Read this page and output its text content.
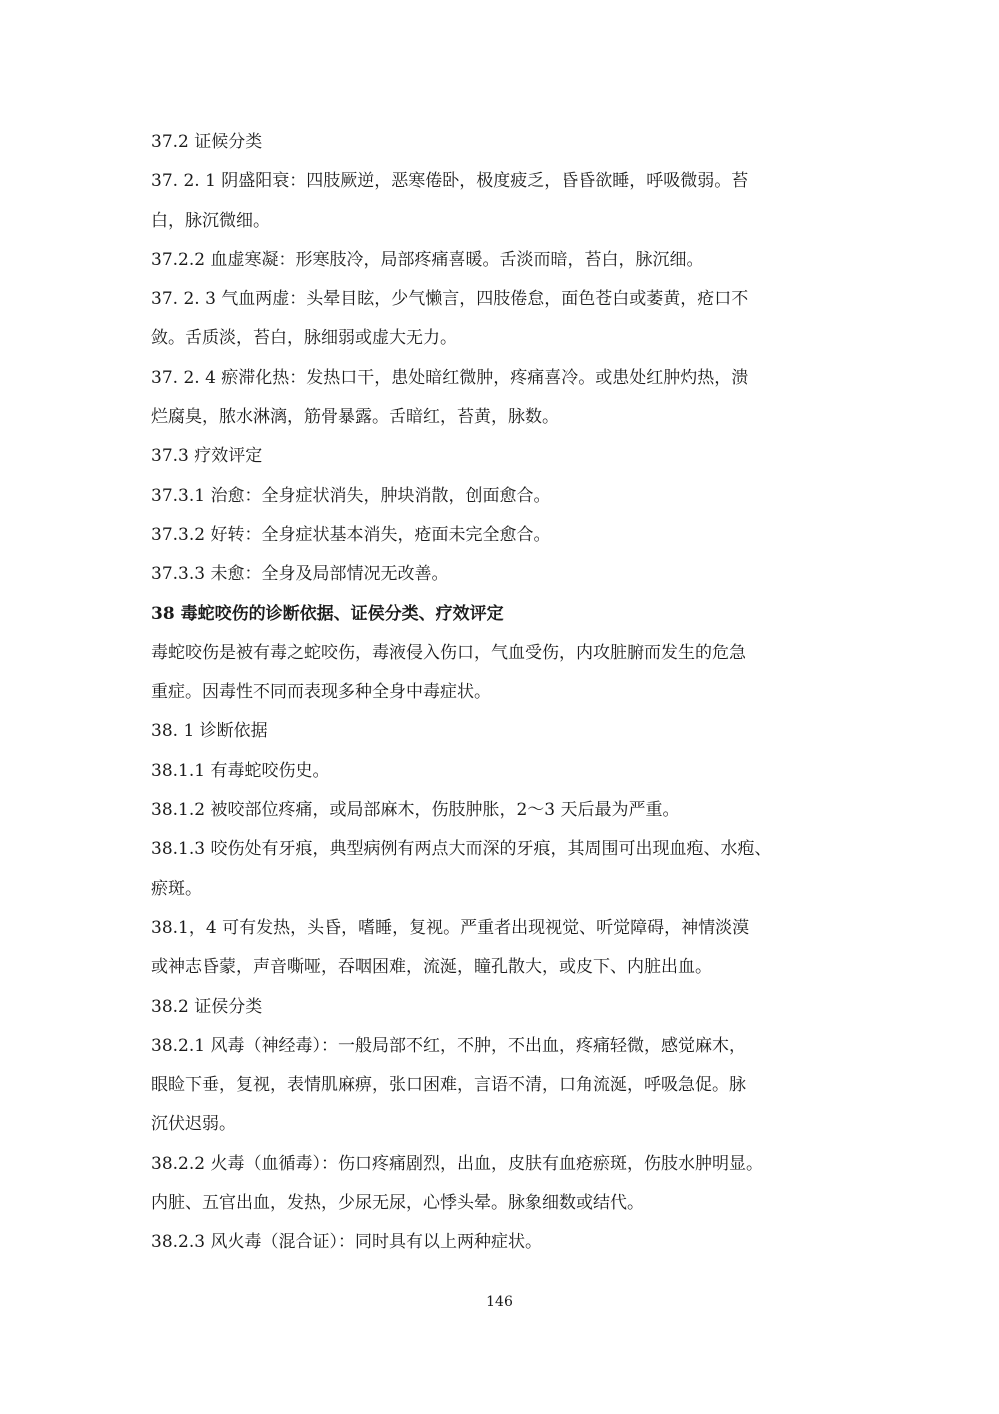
37.2 证候分类
37. 2. 1 阴盛阳衰：四肢厥逆，恶寒倦卧，极度疲乏，昏昏欲睡，呼吸微弱。苔
白，脉沉微细。
37.2.2 血虚寒凝：形寒肢冷，局部疼痛喜暖。舌淡而暗，苔白，脉沉细。
37. 2. 3 气血两虚：头晕目眩，少气懒言，四肢倦怠，面色苍白或萎黄，疮口不
敛。舌质淡，苔白，脉细弱或虚大无力。
37. 2. 4 瘀滞化热：发热口干，患处暗红微肿，疼痛喜冷。或患处红肿灼热，溃
烂腐臭，脓水淋漓，筋骨暴露。舌暗红，苔黄，脉数。
37.3 疗效评定
37.3.1 治愈：全身症状消失，肿块消散，创面愈合。
37.3.2 好转：全身症状基本消失，疮面未完全愈合。
37.3.3 未愈：全身及局部情况无改善。
38 毒蛇咬伤的诊断依据、证侯分类、疗效评定
毒蛇咬伤是被有毒之蛇咬伤，毒液侵入伤口，气血受伤，内攻脏腑而发生的危急
重症。因毒性不同而表现多种全身中毒症状。
38. 1 诊断依据
38.1.1 有毒蛇咬伤史。
38.1.2 被咬部位疼痛，或局部麻木，伤肢肿胀，2～3 天后最为严重。
38.1.3 咬伤处有牙痕，典型病例有两点大而深的牙痕，其周围可出现血疱、水疱、
瘀斑。
38.1，4 可有发热，头昏，嗜睡，复视。严重者出现视觉、听觉障碍，神情淡漠
或神志昏蒙，声音嘶哑，吞咽困难，流涎，瞳孔散大，或皮下、内脏出血。
38.2 证侯分类
38.2.1 风毒（神经毒）：一般局部不红，不肿，不出血，疼痛轻微，感觉麻木，
眼睑下垂，复视，表情肌麻痹，张口困难，言语不清，口角流涎，呼吸急促。脉
沉伏迟弱。
38.2.2 火毒（血循毒）：伤口疼痛剧烈，出血，皮肤有血疮瘀斑，伤肢水肿明显。
内脏、五官出血，发热，少尿无尿，心悸头晕。脉象细数或结代。
38.2.3 风火毒（混合证）：同时具有以上两种症状。
146
